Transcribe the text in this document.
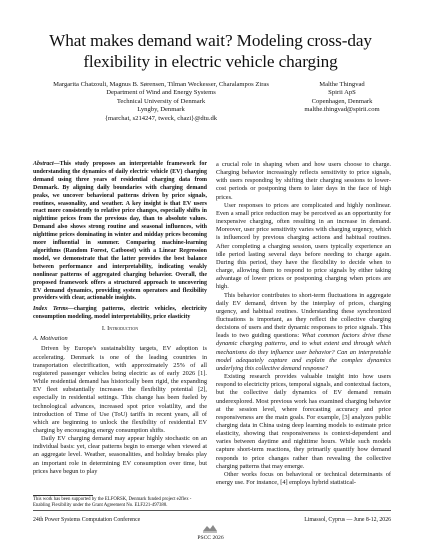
What makes demand wait? Modeling cross-day
flexibility in electric vehicle charging
Margarita Chatzouli, Magnus B. Sørensen, Tilman Weckesser, Charalampos Ziras
Department of Wind and Energy Systems
Technical University of Denmark
Lyngby, Denmark
{marchat, s214247, tweck, chazi}@dtu.dk
Malthe Thingvad
Spirii ApS
Copenhagen, Denmark
malthe.thingvad@spirii.com

Abstract—This study proposes an interpretable framework for understanding the dynamics of daily electric vehicle (EV) charging demand using three years of residential charging data from Denmark. By aligning daily boundaries with charging demand peaks, we uncover behavioral patterns driven by price signals, routines, seasonality, and weather. A key insight is that EV users react more consistently to relative price changes, especially shifts in nighttime prices from the previous day, than to absolute values. Demand also shows strong routine and seasonal influences, with nighttime prices dominating in winter and midday prices becoming more influential in summer. Comparing machine-learning algorithms (Random Forest, Catboost) with a Linear Regression model, we demonstrate that the latter provides the best balance between performance and interpretability, indicating weakly nonlinear patterns of aggregated charging behavior. Overall, the proposed framework offers a structured approach to uncovering EV demand dynamics, providing system operators and flexibility providers with clear, actionable insights.

Index Terms—charging patterns, electric vehicles, electricity consumption modeling, model interpretability, price elasticity

I. Introduction

A. Motivation

Driven by Europe's sustainability targets, EV adoption is accelerating. Denmark is one of the leading countries in transportation electrification, with approximately 25% of all registered passenger vehicles being electric as of early 2026 [1]. While residential demand has historically been rigid, the expanding EV fleet substantially increases the flexibility potential [2], especially in residential settings. This change has been fueled by technological advances, increased spot price volatility, and the introduction of Time of Use (ToU) tariffs in recent years, all of which are beginning to unlock the flexibility of residential EV charging by encouraging energy consumption shifts.

Daily EV charging demand may appear highly stochastic on an individual basis: yet, clear patterns begin to emerge when viewed at an aggregate level. Weather, seasonalities, and holiday breaks play an important role in determining EV consumption over time, but prices have begun to play

This work has been supported by the ELFORSK, Denmark funded project e2flex - Enabling Flexibility under the Grant Agreement No. ELF221-497388.

a crucial role in shaping when and how users choose to charge. Charging behavior increasingly reflects sensitivity to price signals, with users responding by shifting their charging sessions to lower-cost periods or postponing them to later days in the face of high prices.

User responses to prices are complicated and highly nonlinear. Even a small price reduction may be perceived as an opportunity for inexpensive charging, often resulting in an increase in demand. Moreover, user price sensitivity varies with charging urgency, which is influenced by previous charging actions and habitual routines. After completing a charging session, users typically experience an idle period lasting several days before needing to charge again. During this period, they have the flexibility to decide when to charge, allowing them to respond to price signals by either taking advantage of lower prices or postponing charging when prices are high.

This behavior contributes to short-term fluctuations in aggregate daily EV demand, driven by the interplay of prices, charging urgency, and habitual routines. Understanding these synchronized fluctuations is important, as they reflect the collective charging decisions of users and their dynamic responses to price signals. This leads to two guiding questions: What common factors drive these dynamic charging patterns, and to what extent and through which mechanisms do they influence user behavior? Can an interpretable model adequately capture and explain the complex dynamics underlying this collective demand response?

Existing research provides valuable insight into how users respond to electricity prices, temporal signals, and contextual factors, but the collective daily dynamics of EV demand remain underexplored. Most previous work has examined charging behavior at the session level, where forecasting accuracy and price responsiveness are the main goals. For example, [3] analyzes public charging data in China using deep learning models to estimate price elasticity, showing that responsiveness is context-dependent and varies between daytime and nighttime hours. While such models capture short-term reactions, they primarily quantify how demand responds to price changes rather than revealing the collective charging patterns that may emerge.

Other works focus on behavioral or technical determinants of energy use. For instance, [4] employs hybrid statistical-

24th Power Systems Computation Conference	Limassol, Cyprus — June 8-12, 2026
PSCC 2026
